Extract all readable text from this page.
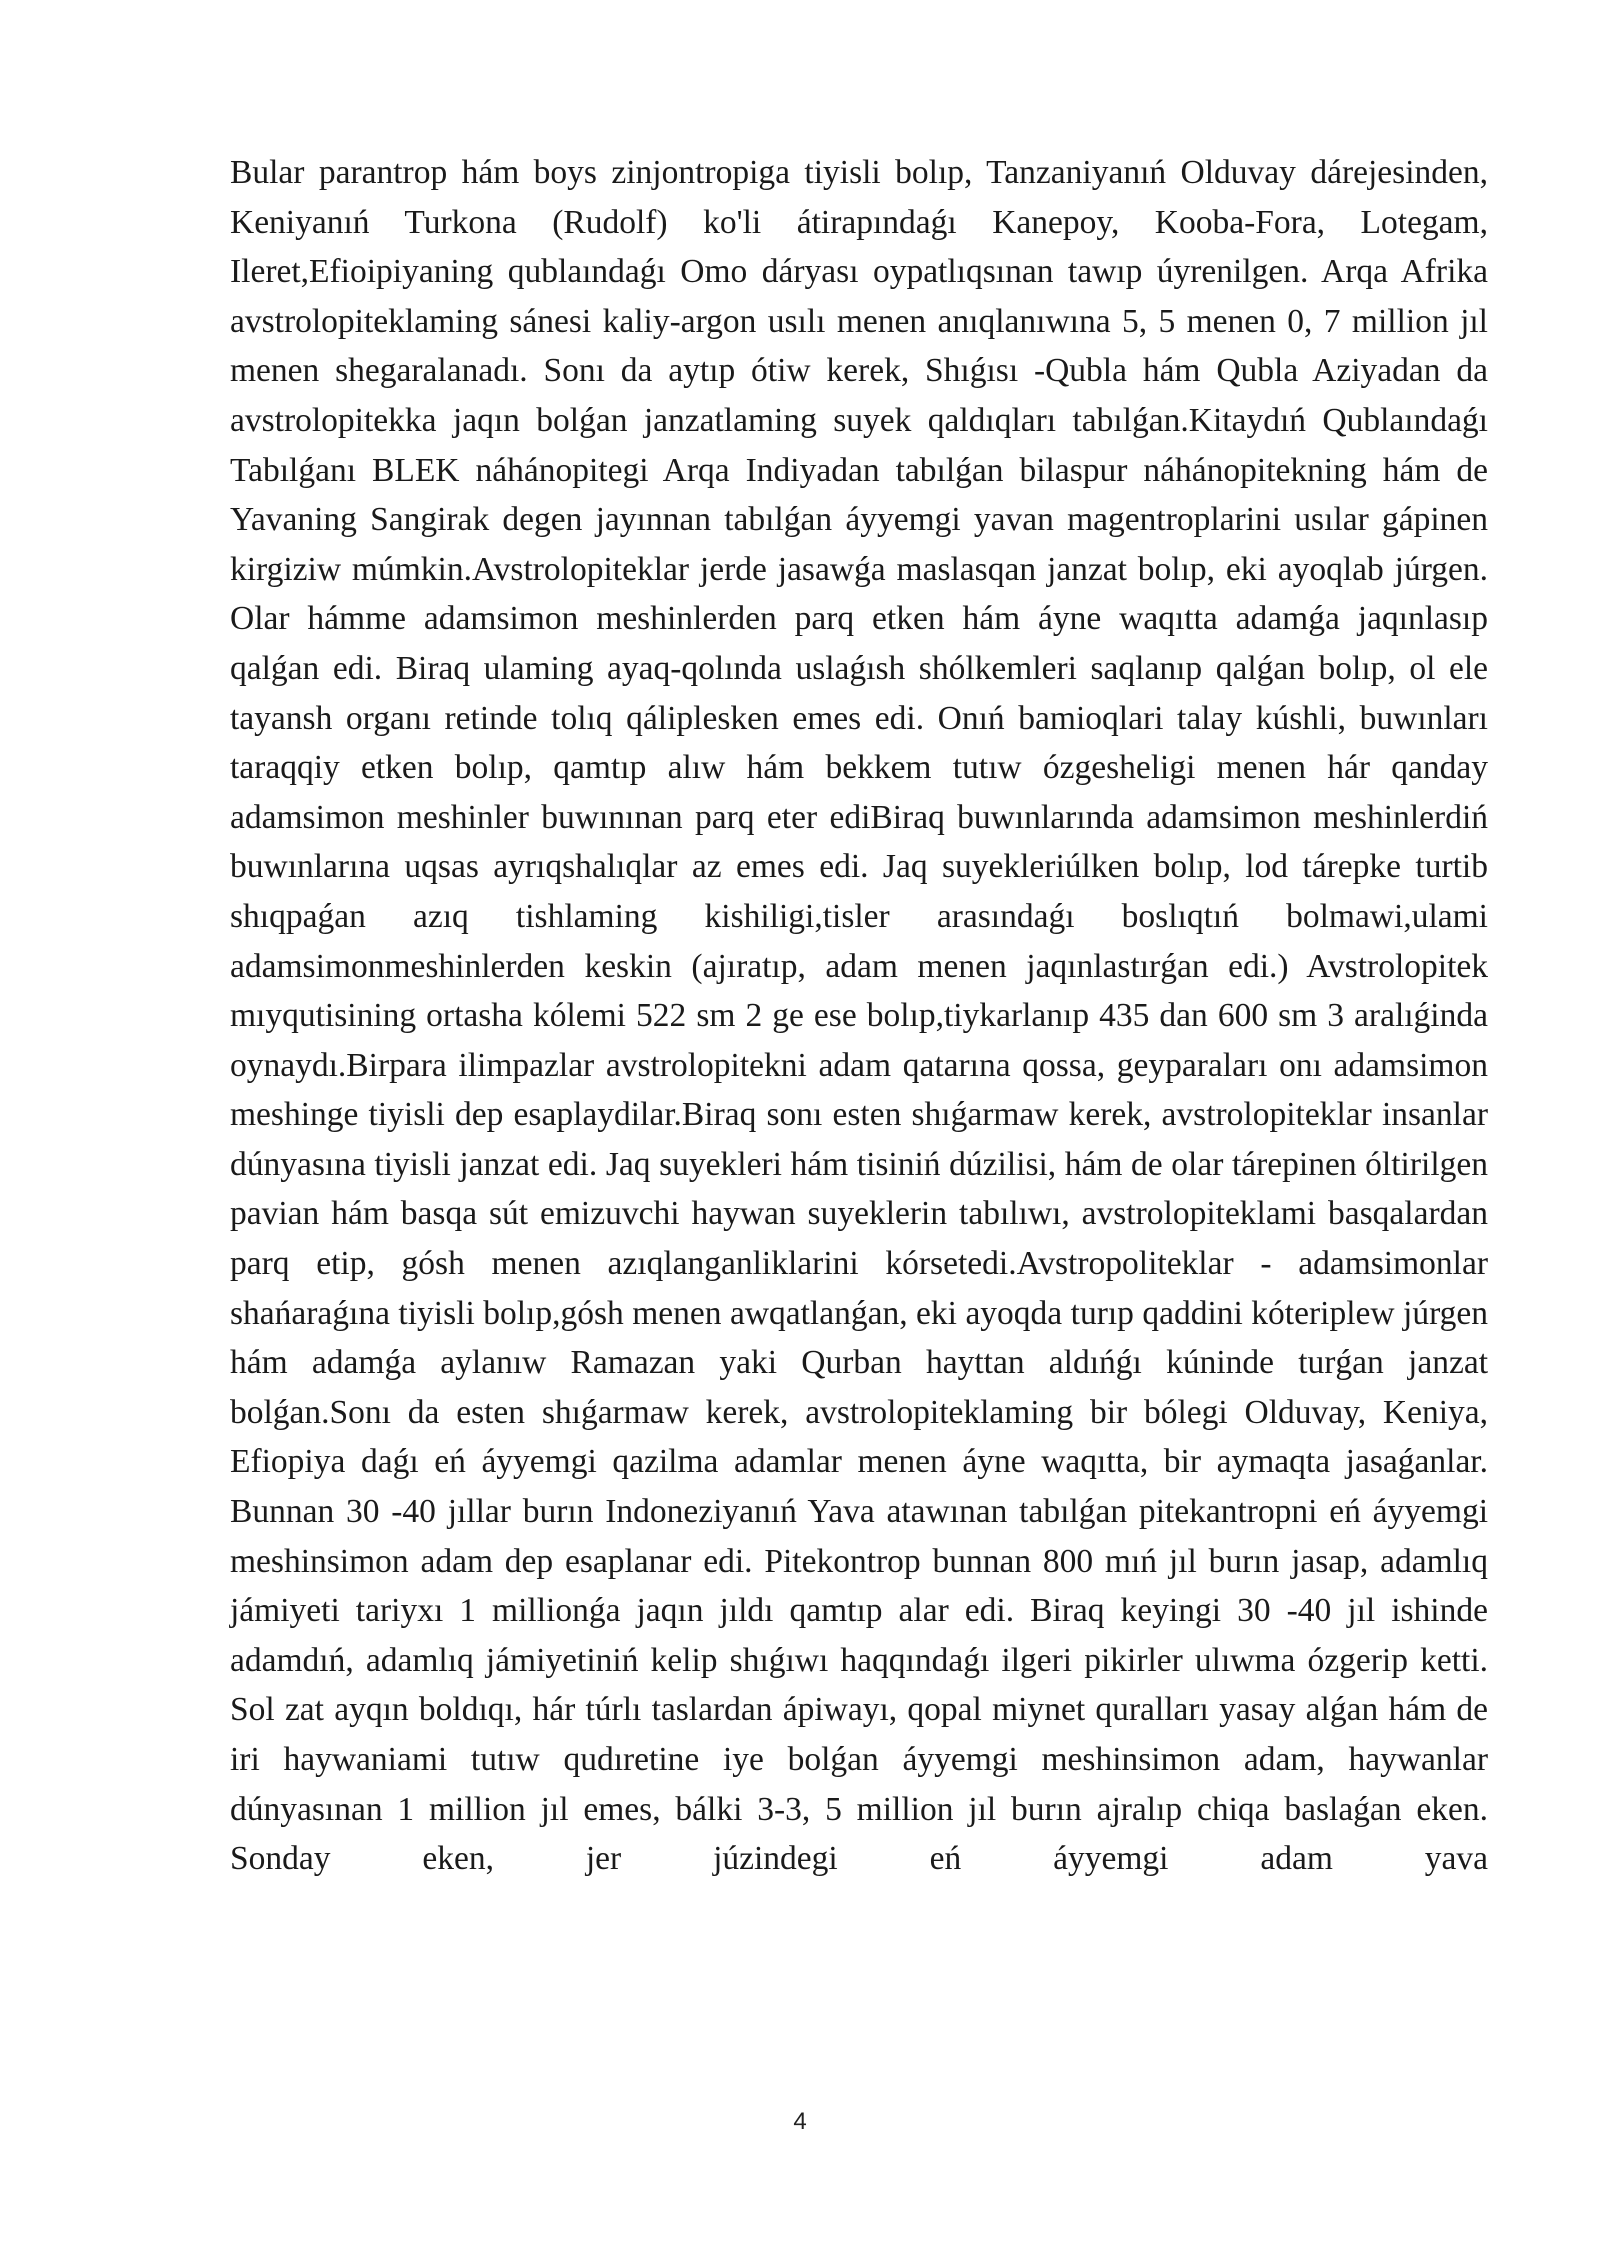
Bular parantrop hám boys zinjontropiga tiyisli bolıp, Tanzaniyanıń Olduvay dárejesinden, Keniyanıń Turkona (Rudolf) ko'li átirapındaǵı Kanepoy, Kooba-Fora, Lotegam, Ileret,Efioipiyaning qublaındaǵı Omo dáryası oypatlıqsınan tawıp úyrenilgen. Arqa Afrika avstrolopiteklaming sánesi kaliy-argon usılı menen anıqlanıwına 5, 5 menen 0, 7 million jıl menen shegaralanadı. Sonı da aytıp ótiw kerek, Shıǵısı -Qubla hám Qubla Aziyadan da avstrolopitekka jaqın bolǵan janzatlaming suyek qaldıqları tabılǵan.Kitaydıń Qublaındaǵı Tabılǵanı BLEK náhánopitegi Arqa Indiyadan tabılǵan bilaspur náhánopitekning hám de Yavaning Sangirak degen jayınnan tabılǵan áyyemgi yavan magentroplarini usılar gápinen kirgiziw múmkin.Avstrolopiteklar jerde jasawǵa maslasqan janzat bolıp, eki ayoqlab júrgen. Olar hámme adamsimon meshinlerden parq etken hám áyne waqıtta adamǵa jaqınlasıp qalǵan edi. Biraq ulaming ayaq-qolında uslaǵısh shólkemleri saqlanıp qalǵan bolıp, ol ele tayansh organı retinde tolıq qáliplesken emes edi. Onıń bamioqlari talay kúshli, buwınları taraqqiy etken bolıp, qamtıp alıw hám bekkem tutıw ózgesheligi menen hár qanday adamsimon meshinler buwınınan parq eter ediBiraq buwınlarında adamsimon meshinlerdiń buwınlarına uqsas ayrıqshalıqlar az emes edi. Jaq suyekleriúlken bolıp, lod tárepke turtib shıqpaǵan azıq tishlaming kishiligi,tisler arasındaǵı boslıqtıń bolmawi,ulami adamsimonmeshinlerden keskin (ajıratıp, adam menen jaqınlastırǵan edi.) Avstrolopitek mıyqutisining ortasha kólemi 522 sm 2 ge ese bolıp,tiykarlanıp 435 dan 600 sm 3 aralıǵinda oynaydı.Birpara ilimpazlar avstrolopitekni adam qatarına qossa, geyparaları onı adamsimon meshinge tiyisli dep esaplaydilar.Biraq sonı esten shıǵarmaw kerek, avstrolopiteklar insanlar dúnyasına tiyisli janzat edi. Jaq suyekleri hám tisiniń dúzilisi, hám de olar tárepinen óltirilgen pavian hám basqa sút emizuvchi haywan suyeklerin tabılıwı, avstrolopiteklami basqalardan parq etip, gósh menen azıqlanganliklarini kórsetedi.Avstropoliteklar - adamsimonlar shańaraǵına tiyisli bolıp,gósh menen awqatlanǵan, eki ayoqda turıp qaddini kóteriplew júrgen hám adamǵa aylanıw Ramazan yaki Qurban hayttan aldıńǵı kúninde turǵan janzat bolǵan.Sonı da esten shıǵarmaw kerek, avstrolopiteklaming bir bólegi Olduvay, Keniya, Efiopiya daǵı eń áyyemgi qazilma adamlar menen áyne waqıtta, bir aymaqta jasaǵanlar. Bunnan 30 -40 jıllar burın Indoneziyanıń Yava atawınan tabılǵan pitekantropni eń áyyemgi meshinsimon adam dep esaplanar edi. Pitekontrop bunnan 800 mıń jıl burın jasap, adamlıq jámiyeti tariyxı 1 millionǵa jaqın jıldı qamtıp alar edi. Biraq keyingi 30 -40 jıl ishinde adamdıń, adamlıq jámiyetiniń kelip shıǵıwı haqqındaǵı ilgeri pikirler ulıwma ózgerip ketti. Sol zat ayqın boldıqı, hár túrlı taslardan ápiwayı, qopal miynet quralları yasay alǵan hám de iri haywaniami tutıw qudıretine iye bolǵan áyyemgi meshinsimon adam, haywanlar dúnyasınan 1 million jıl emes, bálki 3-3, 5 million jıl burın ajralıp chiqa baslaǵan eken. Sonday eken, jer júzindegi eń áyyemgi adam yava

4
